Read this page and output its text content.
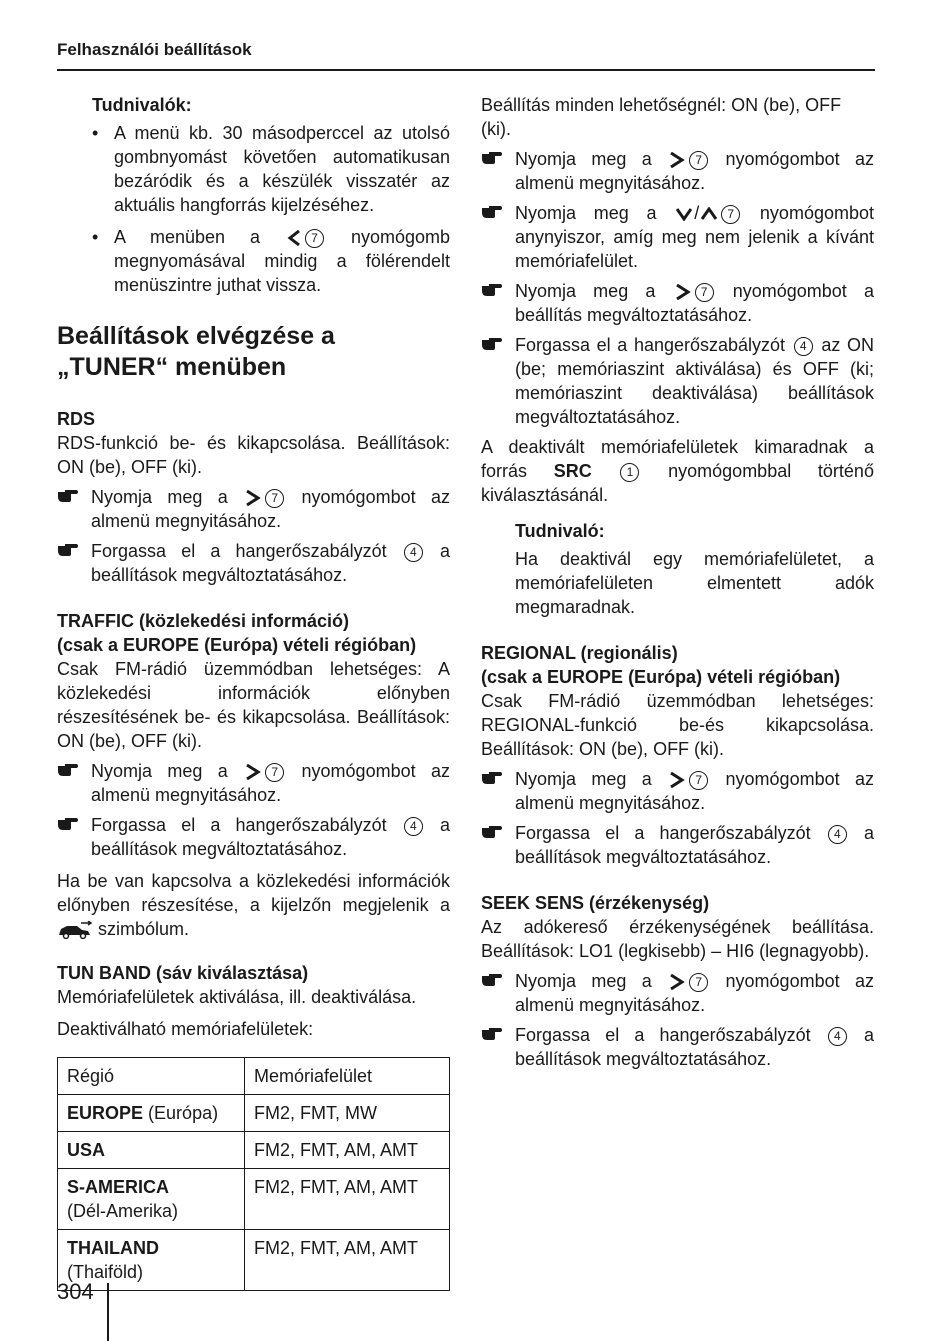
Felhasználói beállítások
Tudnivalók:
• A menü kb. 30 másodperccel az utolsó gombnyomást követően automatikusan bezáródik és a készülék visszatér az aktuális hangforrás kijelzéséhez.
• A menüben a	7 nyomógomb megnyomásával mindig a fölérendelt menüszintre juthat vissza.
Beállítások elvégzése a „TUNER“ menüben
RDS

RDS-funkció be- és kikapcsolása. Beállítások: ON (be), OFF (ki).

Nyomja meg a	7 nyomógombot az almenü megnyitásához.
Forgassa el a hangerőszabályzót 4 a beállítások megváltoztatásához.
TRAFFIC (közlekedési információ)
(csak a EUROPE (Európa) vételi régióban)

Csak FM-rádió üzemmódban lehetséges: A közlekedési információk előnyben részesítésének be- és kikapcsolása. Beállítások: ON (be), OFF (ki).

Nyomja meg a	7 nyomógombot az almenü megnyitásához.
Forgassa el a hangerőszabályzót 4 a beállítások megváltoztatásához.

Ha be van kapcsolva a közlekedési információk előnyben részesítése, a kijelzőn megjelenik a  szimbólum.

TUN BAND (sáv kiválasztása)

Memóriafelületek aktiválása, ill. deaktiválása.

Deaktiválható memóriafelületek:

Régió	Memóriafelület
EUROPE (Európa)	FM2, FMT, MW
USA	FM2, FMT, AM, AMT

S-AMERICA
(Dél-Amerika)	FM2, FMT, AM, AMT

THAILAND
(Thaiföld)	FM2, FMT, AM, AMT

Beállítás minden lehetőségnél: ON (be), OFF (ki).

Nyomja meg a	7 nyomógombot az almenü megnyitásához.
Nyomja meg a / 7 nyomógombot anynyiszor, amíg meg nem jelenik a kívánt memóriafelület.
Nyomja meg a	7 nyomógombot a beállítás megváltoztatásához.
Forgassa el a hangerőszabályzót 4 az ON (be; memóriaszint aktiválása) és OFF (ki; memóriaszint deaktiválása) beállítások megváltoztatásához.

A deaktivált memóriafelületek kimaradnak a forrás SRC	1 nyomógombbal történő kiválasztásánál.

Tudnivaló:

Ha deaktivál egy memóriafelületet, a memóriafelületen elmentett adók megmaradnak.

REGIONAL (regionális)
(csak a EUROPE (Európa) vételi régióban)

Csak FM-rádió üzemmódban lehetséges: REGIONAL-funkció be-és kikapcsolása. Beállítások: ON (be), OFF (ki).

Nyomja meg a	7 nyomógombot az almenü megnyitásához.
Forgassa el a hangerőszabályzót 4 a beállítások megváltoztatásához.
SEEK SENS (érzékenység)

Az adókereső érzékenységének beállítása. Beállítások: LO1 (legkisebb) – HI6 (legnagyobb).

Nyomja meg a	7 nyomógombot az almenü megnyitásához.
Forgassa el a hangerőszabályzót 4 a beállítások megváltoztatásához.
304
